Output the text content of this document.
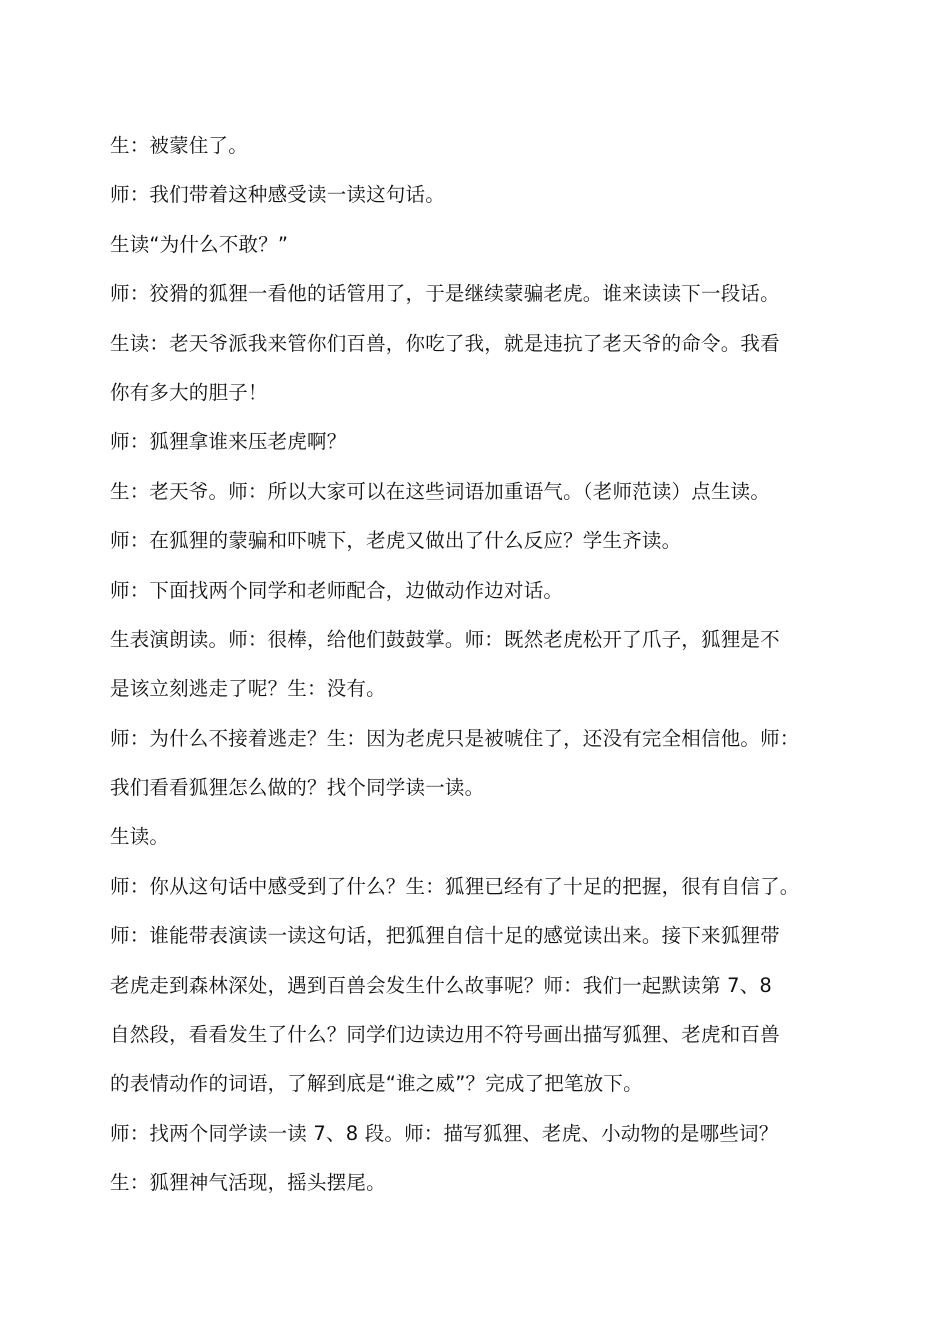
生：被蒙住了。
师：我们带着这种感受读一读这句话。
生读“为什么不敢？”
师：狡猾的狐狸一看他的话管用了，于是继续蒙骗老虎。谁来读读下一段话。
生读：老天爷派我来管你们百兽，你吃了我，就是违抗了老天爷的命令。我看
你有多大的胆子！
师：狐狸拿谁来压老虎啊？
生：老天爷。师：所以大家可以在这些词语加重语气。（老师范读）点生读。
师：在狐狸的蒙骗和吓唬下，老虎又做出了什么反应？学生齐读。
师：下面找两个同学和老师配合，边做动作边对话。
生表演朗读。师：很棒，给他们鼓鼓掌。师：既然老虎松开了爪子，狐狸是不
是该立刻逃走了呢？生：没有。
师：为什么不接着逃走？生：因为老虎只是被唬住了，还没有完全相信他。师：
我们看看狐狸怎么做的？找个同学读一读。
生读。
师：你从这句话中感受到了什么？生：狐狸已经有了十足的把握，很有自信了。
师：谁能带表演读一读这句话，把狐狸自信十足的感觉读出来。接下来狐狸带
老虎走到森林深处，遇到百兽会发生什么故事呢？师：我们一起默读第 7、8
自然段，看看发生了什么？同学们边读边用不符号画出描写狐狸、老虎和百兽
的表情动作的词语，了解到底是“谁之威”？完成了把笔放下。
师：找两个同学读一读 7、8 段。师：描写狐狸、老虎、小动物的是哪些词？
生：狐狸神气活现，摇头摆尾。
